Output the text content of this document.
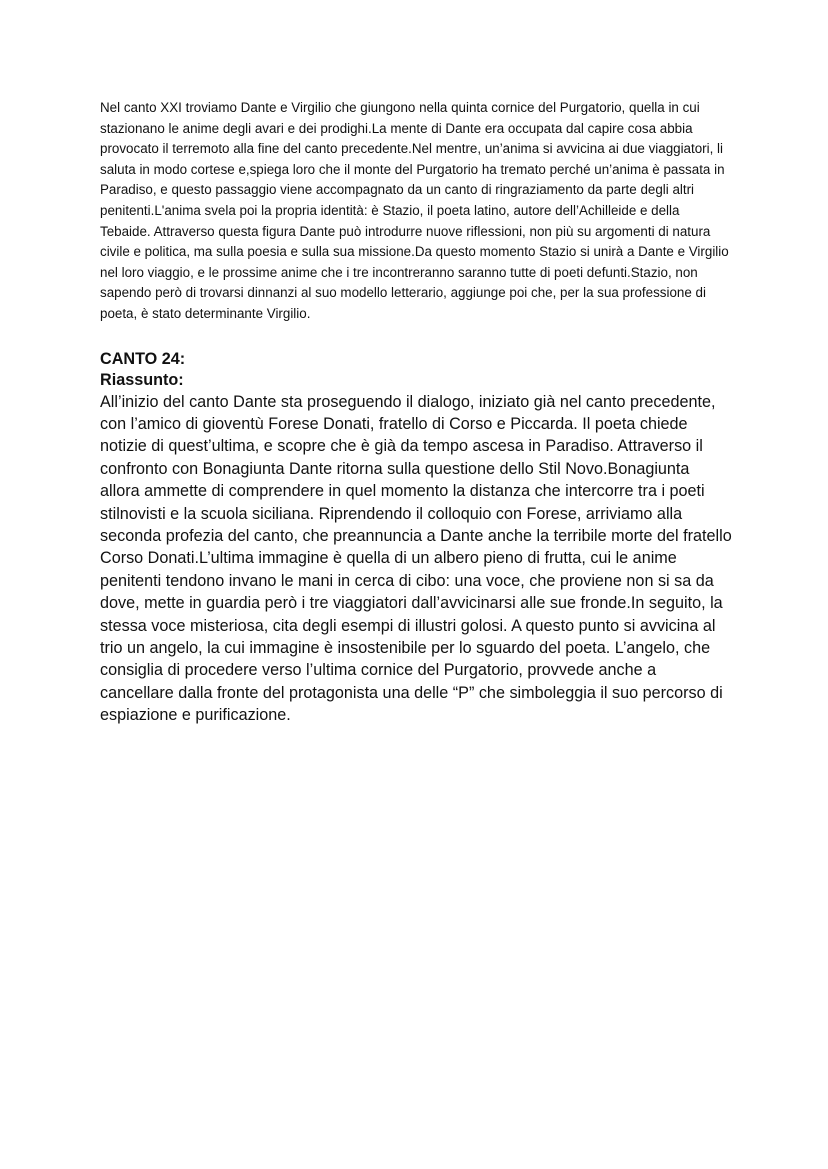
Nel canto XXI troviamo Dante e Virgilio che giungono nella quinta cornice del Purgatorio, quella in cui stazionano le anime degli avari e dei prodighi.La mente di Dante era occupata dal capire cosa abbia provocato il terremoto alla fine del canto precedente.Nel mentre, un’anima si avvicina ai due viaggiatori, li saluta in modo cortese e,spiega loro che il monte del Purgatorio ha tremato perché un’anima è passata in Paradiso, e questo passaggio viene accompagnato da un canto di ringraziamento da parte degli altri penitenti.L'anima svela poi la propria identità: è Stazio, il poeta latino, autore dell’Achilleide e della Tebaide. Attraverso questa figura Dante può introdurre nuove riflessioni, non più su argomenti di natura civile e politica, ma sulla poesia e sulla sua missione.Da questo momento Stazio si unirà a Dante e Virgilio nel loro viaggio, e le prossime anime che i tre incontreranno saranno tutte di poeti defunti.Stazio, non sapendo però di trovarsi dinnanzi al suo modello letterario, aggiunge poi che, per la sua professione di poeta, è stato determinante Virgilio.

CANTO 24:

Riassunto:

All’inizio del canto Dante sta proseguendo il dialogo, iniziato già nel canto precedente, con l’amico di gioventù Forese Donati, fratello di Corso e Piccarda. Il poeta chiede notizie di quest’ultima, e scopre che è già da tempo ascesa in Paradiso. Attraverso il confronto con Bonagiunta Dante ritorna sulla questione dello Stil Novo.Bonagiunta allora ammette di comprendere in quel momento la distanza che intercorre tra i poeti stilnovisti e la scuola siciliana. Riprendendo il colloquio con Forese, arriviamo alla seconda profezia del canto, che preannuncia a Dante anche la terribile morte del fratello Corso Donati.L’ultima immagine è quella di un albero pieno di frutta, cui le anime penitenti tendono invano le mani in cerca di cibo: una voce, che proviene non si sa da dove, mette in guardia però i tre viaggiatori dall’avvicinarsi alle sue fronde.In seguito, la stessa voce misteriosa, cita degli esempi di illustri golosi. A questo punto si avvicina al trio un angelo, la cui immagine è insostenibile per lo sguardo del poeta. L’angelo, che consiglia di procedere verso l’ultima cornice del Purgatorio, provvede anche a cancellare dalla fronte del protagonista una delle “P” che simboleggia il suo percorso di espiazione e purificazione.
